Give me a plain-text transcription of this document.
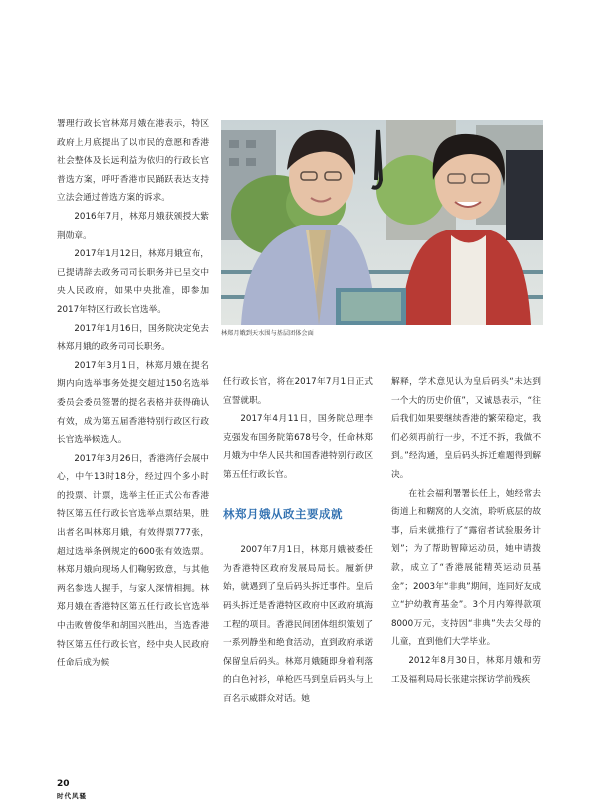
署理行政长官林郑月娥在港表示，特区政府上月底提出了以市民的意愿和香港社会整体及长远利益为依归的行政长官普选方案，呼吁香港市民踊跃表达支持立法会通过普选方案的诉求。

2016年7月，林郑月娥获颁授大紫荆勋章。

2017年1月12日，林郑月娥宣布，已提请辞去政务司司长职务并已呈交中央人民政府，如果中央批准，即参加2017年特区行政长官选举。

2017年1月16日，国务院决定免去林郑月娥的政务司司长职务。

2017年3月1日，林郑月娥在提名期内向选举事务处提交超过150名选举委员会委员签署的提名表格并获得确认有效，成为第五届香港特别行政区行政长官选举候选人。

2017年3月26日，香港湾仔会展中心，中午13时18分，经过四个多小时的投票、计票，选举主任正式公布香港特区第五任行政长官选举点票结果，胜出者名叫林郑月娥，有效得票777张，超过选举条例规定的600张有效选票。林郑月娥向现场人们鞠躬致意，与其他两名参选人握手，与家人深情相拥。林郑月娥在香港特区第五任行政长官选举中击败曾俊华和胡国兴胜出，当选香港特区第五任行政长官，经中央人民政府任命后成为候

林郑月娥到天水围与基层团体会面

任行政长官，将在2017年7月1日正式宣誓就职。

2017年4月11日，国务院总理李克强发布国务院第678号令，任命林郑月娥为中华人民共和国香港特别行政区第五任行政长官。

林郑月娥从政主要成就

2007年7月1日，林郑月娥被委任为香港特区政府发展局局长。履新伊始，就遇到了皇后码头拆迁事件。皇后码头拆迁是香港特区政府中区政府填海工程的项目。香港民间团体组织策划了一系列静坐和绝食活动，直到政府承诺保留皇后码头。林郑月娥随即身着利落的白色衬衫，单枪匹马到皇后码头与上百名示威群众对话。她

解释，学术意见认为皇后码头“未达到一个大的历史价值”，又诚恳表示，“往后我们如果要继续香港的繁荣稳定，我们必须再前行一步，不迁不拆，我做不到。”经沟通，皇后码头拆迁难题得到解决。

在社会福利署署长任上，她经常去街道上和糊窝的人交流，聆听底层的故事，后来就推行了“露宿者试验服务计划”；为了帮助智障运动员，她申请拨款，成立了“香港展能精英运动员基金”；2003年“非典”期间，连同好友成立“护幼教育基金”。3个月内筹得款项8000万元，支持因“非典”失去父母的儿童，直到他们大学毕业。

2012年8月30日，林郑月娥和劳工及福利局局长张建宗探访学前残疾

20
时代风骚
